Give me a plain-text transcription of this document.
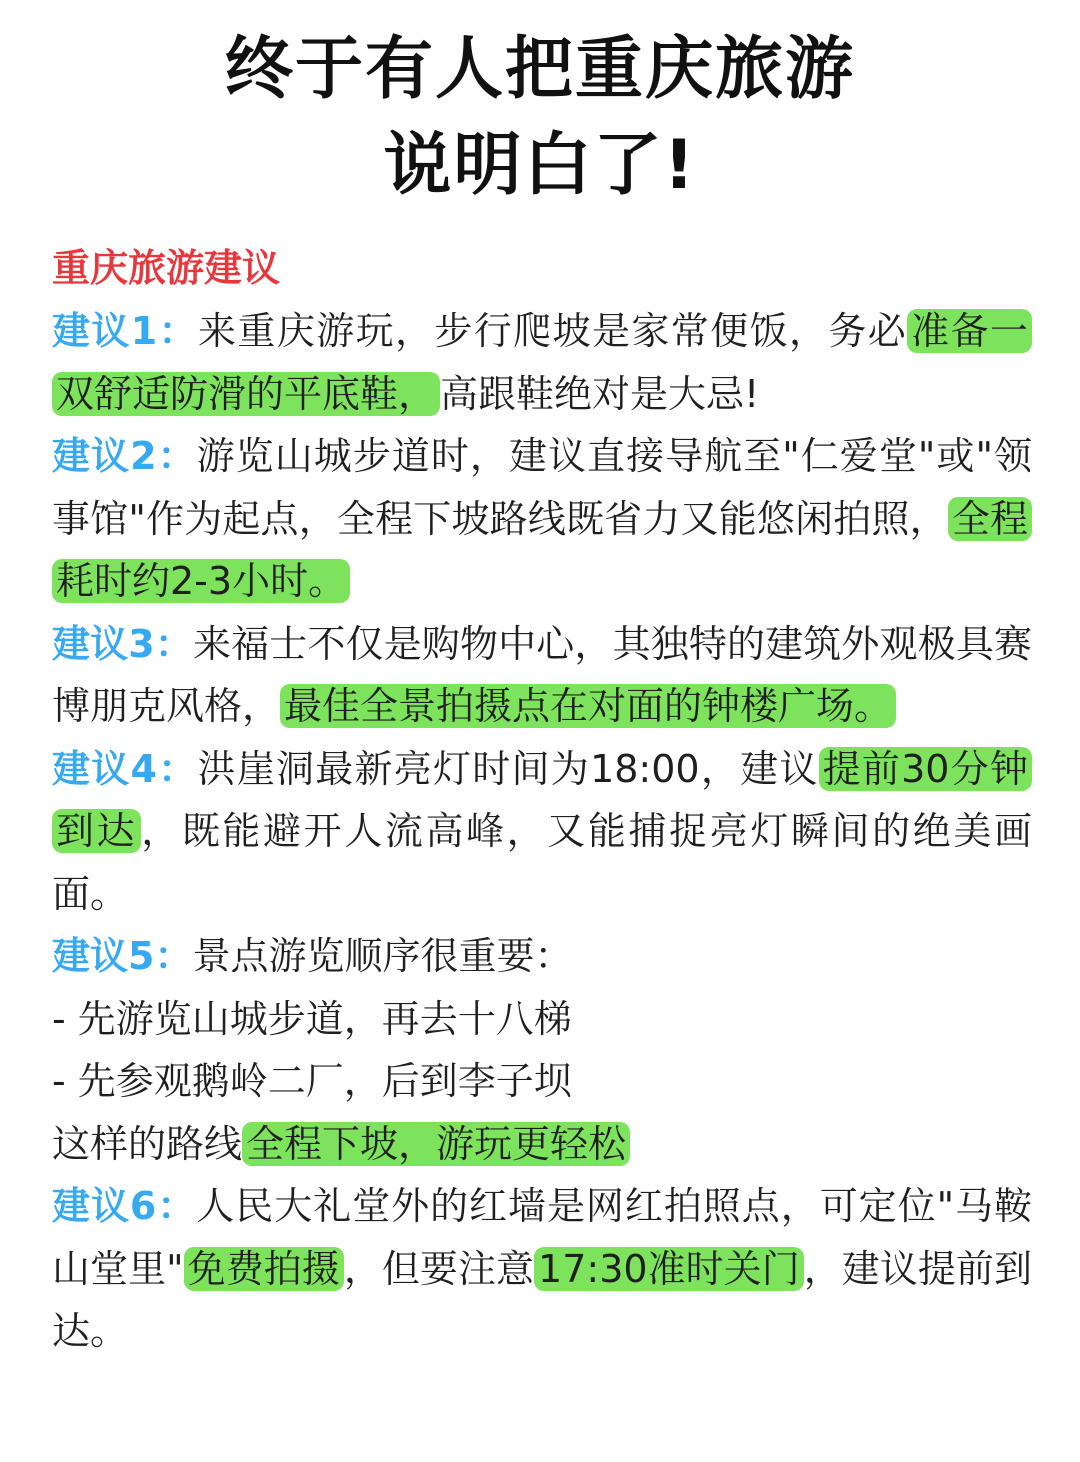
终于有人把重庆旅游
说明白了!
重庆旅游建议

建议1：来重庆游玩，步行爬坡是家常便饭，务必 准备一双舒适防滑的平底鞋， 高跟鞋绝对是大忌!

建议2：游览山城步道时，建议直接导航至"仁爱堂"或"领事馆"作为起点，全程下坡路线既省力又能悠闲拍照， 全程耗时约2-3小时。

建议3：来福士不仅是购物中心，其独特的建筑外观极具赛博朋克风格， 最佳全景拍摄点在对面的钟楼广场。

建议4：洪崖洞最新亮灯时间为18:00，建议 提前30分钟到达 ，既能避开人流高峰，又能捕捉亮灯瞬间的绝美画面。

建议5：景点游览顺序很重要：

- 先游览山城步道，再去十八梯

- 先参观鹅岭二厂，后到李子坝

这样的路线 全程下坡，游玩更轻松

建议6：人民大礼堂外的红墙是网红拍照点，可定位"马鞍山堂里" 免费拍摄 ，但要注意 17:30准时关门 ，建议提前到达。
